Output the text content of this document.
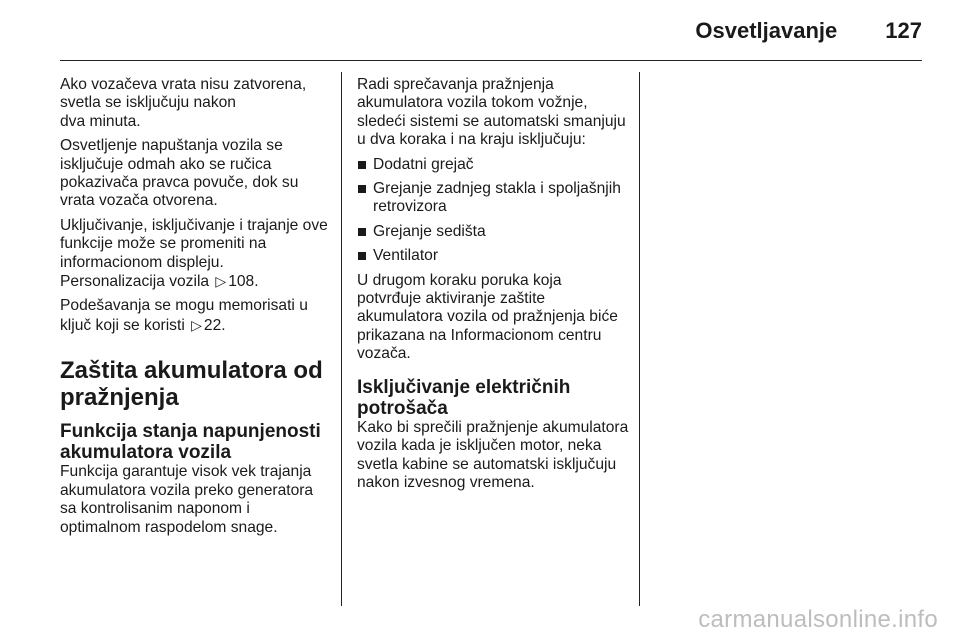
Osvetljavanje 127

Ako vozačeva vrata nisu zatvorena, svetla se isključuju nakon
dva minuta.

Osvetljenje napuštanja vozila se isključuje odmah ako se ručica pokazivača pravca povuče, dok su vrata vozača otvorena.

Uključivanje, isključivanje i trajanje ove funkcije može se promeniti na informacionom displeju.
Personalizacija vozila ▷ 108.

Podešavanja se mogu memorisati u ključ koji se koristi ▷ 22.

Zaštita akumulatora od pražnjenja
Funkcija stanja napunjenosti akumulatora vozila

Funkcija garantuje visok vek trajanja akumulatora vozila preko generatora sa kontrolisanim naponom i optimalnom raspodelom snage.

Radi sprečavanja pražnjenja akumulatora vozila tokom vožnje, sledeći sistemi se automatski smanjuju u dva koraka i na kraju isključuju:

Dodatni grejač
Grejanje zadnjeg stakla i spoljašnjih retrovizora
Grejanje sedišta
Ventilator

U drugom koraku poruka koja potvrđuje aktiviranje zaštite akumulatora vozila od pražnjenja biće prikazana na Informacionom centru vozača.

Isključivanje električnih potrošača

Kako bi sprečili pražnjenje akumulatora vozila kada je isključen motor, neka svetla kabine se automatski isključuju nakon izvesnog vremena.

carmanualsonline.info
